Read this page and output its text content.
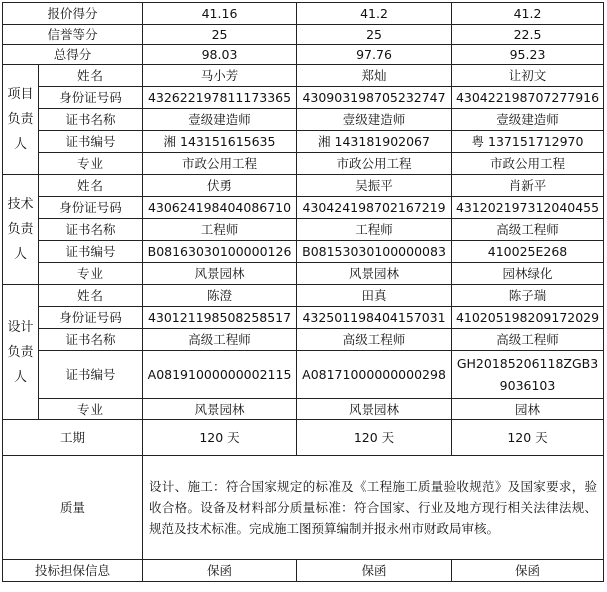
报价得分		41.16	41.2	41.2
信誉等分		25	25	22.5
总得分		98.03	97.76	95.23
项目负责人	姓名	马小芳	郑灿	让初文
	身份证号码	432622197811173365	430903198705232747	430422198707277916
	证书名称	壹级建造师	壹级建造师	壹级建造师
	证书编号	湘 143151615635	湘 143181902067	粤 137151712970
	专业	市政公用工程	市政公用工程	市政公用工程
技术负责人	姓名	伏勇	吴振平	肖新平
	身份证号码	430624198404086710	430424198702167219	431202197312040455
	证书名称	工程师	工程师	高级工程师
	证书编号	B08163030100000126	B08153030100000083	410025E268
	专业	风景园林	风景园林	园林绿化
设计负责人	姓名	陈澄	田真	陈子瑞
	身份证号码	430121198508258517	432501198404157031	410205198209172029
	证书名称	高级工程师	高级工程师	高级工程师
	证书编号	A08191000000002115	A08171000000000298	GH20185206118ZGB39036103
	专业	风景园林	风景园林	园林
工期		120 天	120 天	120 天
质量		设计、施工：符合国家规定的标准及《工程施工质量验收规范》及国家要求，验收合格。设备及材料部分质量标准：符合国家、行业及地方现行相关法律法规、规范及技术标准。完成施工图预算编制并报永州市财政局审核。		
投标担保信息		保函	保函	保函
